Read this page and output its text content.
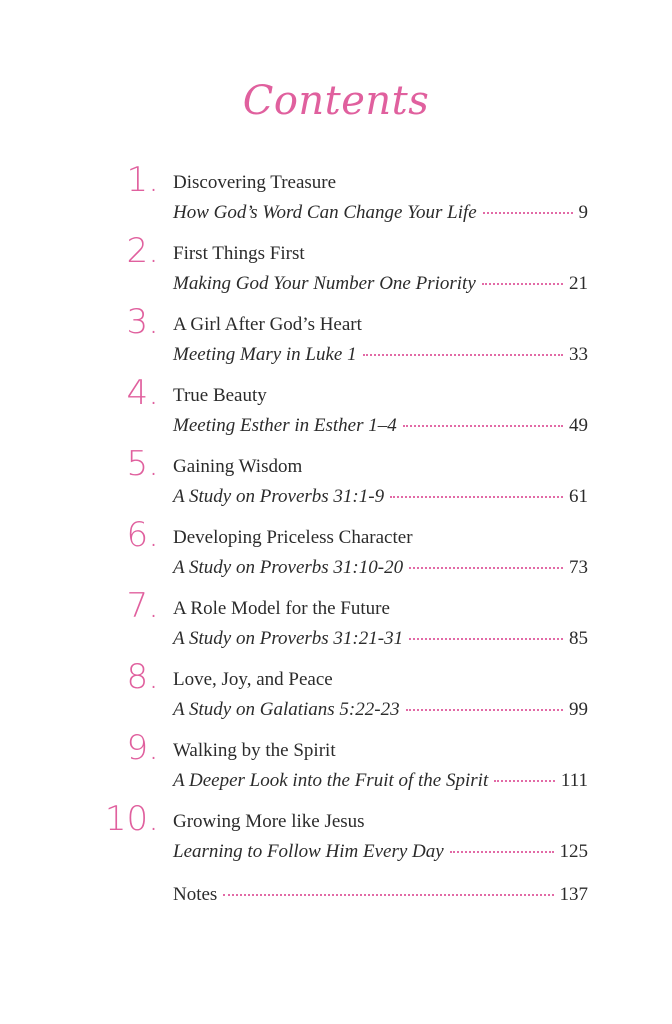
Contents
1. Discovering Treasure
How God’s Word Can Change Your Life	9
2. First Things First
Making God Your Number One Priority	21
3. A Girl After God’s Heart
Meeting Mary in Luke 1	33
4. True Beauty
Meeting Esther in Esther 1–4	49
5. Gaining Wisdom
A Study on Proverbs 31:1-9	61
6. Developing Priceless Character
A Study on Proverbs 31:10-20	73
7. A Role Model for the Future
A Study on Proverbs 31:21-31	85
8. Love, Joy, and Peace
A Study on Galatians 5:22-23	99
9. Walking by the Spirit
A Deeper Look into the Fruit of the Spirit	111
10. Growing More like Jesus
Learning to Follow Him Every Day	125
Notes	137
